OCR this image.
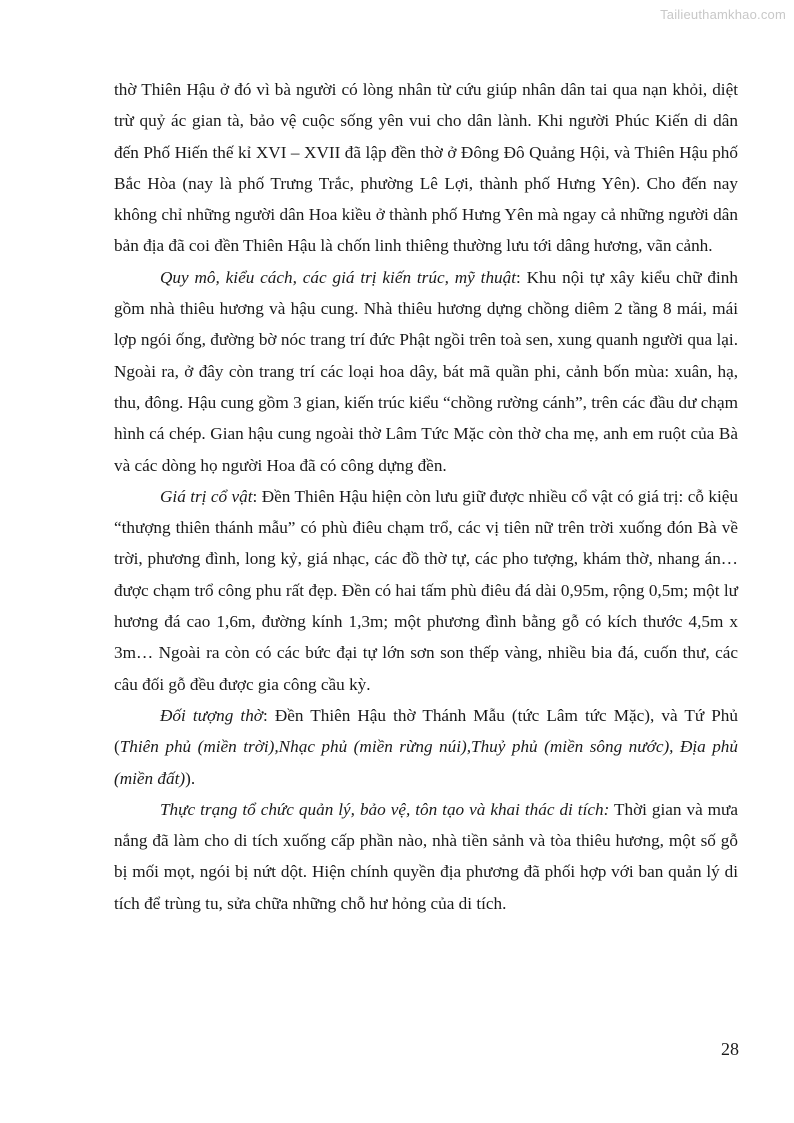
Tailieuthamkhao.com

thờ Thiên Hậu ở đó vì bà người có lòng nhân từ cứu giúp nhân dân tai qua nạn khỏi, diệt trừ quỷ ác gian tà, bảo vệ cuộc sống yên vui cho dân lành. Khi người Phúc Kiến di dân đến Phố Hiến thế kỉ XVI – XVII đã lập đền thờ ở Đông Đô Quảng Hội, và Thiên Hậu phố Bắc Hòa (nay là phố Trưng Trắc, phường Lê Lợi, thành phố Hưng Yên). Cho đến nay không chỉ những người dân Hoa kiều ở thành phố Hưng Yên mà ngay cả những người dân bản địa đã coi đền Thiên Hậu là chốn linh thiêng thường lưu tới dâng hương, vãn cảnh.

Quy mô, kiểu cách, các giá trị kiến trúc, mỹ thuật: Khu nội tự xây kiểu chữ đinh gồm nhà thiêu hương và hậu cung. Nhà thiêu hương dựng chồng diêm 2 tầng 8 mái, mái lợp ngói ống, đường bờ nóc trang trí đức Phật ngồi trên toà sen, xung quanh người qua lại. Ngoài ra, ở đây còn trang trí các loại hoa dây, bát mã quần phi, cảnh bốn mùa: xuân, hạ, thu, đông. Hậu cung gồm 3 gian, kiến trúc kiểu “chồng rường cánh”, trên các đầu dư chạm hình cá chép. Gian hậu cung ngoài thờ Lâm Tức Mặc còn thờ cha mẹ, anh em ruột của Bà và các dòng họ người Hoa đã có công dựng đền.

Giá trị cổ vật: Đền Thiên Hậu hiện còn lưu giữ được nhiều cổ vật có giá trị: cỗ kiệu “thượng thiên thánh mẫu” có phù điêu chạm trổ, các vị tiên nữ trên trời xuống đón Bà về trời, phương đình, long kỷ, giá nhạc, các đồ thờ tự, các pho tượng, khám thờ, nhang án…được chạm trổ công phu rất đẹp. Đền có hai tấm phù điêu đá dài 0,95m, rộng 0,5m; một lư hương đá cao 1,6m, đường kính 1,3m; một phương đình bằng gỗ có kích thước 4,5m x 3m… Ngoài ra còn có các bức đại tự lớn sơn son thếp vàng, nhiều bia đá, cuốn thư, các câu đối gỗ đều được gia công cầu kỳ.

Đối tượng thờ: Đền Thiên Hậu thờ Thánh Mẫu (tức Lâm tức Mặc), và Tứ Phủ (Thiên phủ (miền trời),Nhạc phủ (miền rừng núi),Thuỷ phủ (miền sông nước), Địa phủ (miền đất)).

Thực trạng tổ chức quản lý, bảo vệ, tôn tạo và khai thác di tích: Thời gian và mưa nắng đã làm cho di tích xuống cấp phần nào, nhà tiền sảnh và tòa thiêu hương, một số gỗ bị mối mọt, ngói bị nứt dột. Hiện chính quyền địa phương đã phối hợp với ban quản lý di tích để trùng tu, sửa chữa những chỗ hư hỏng của di tích.

28
